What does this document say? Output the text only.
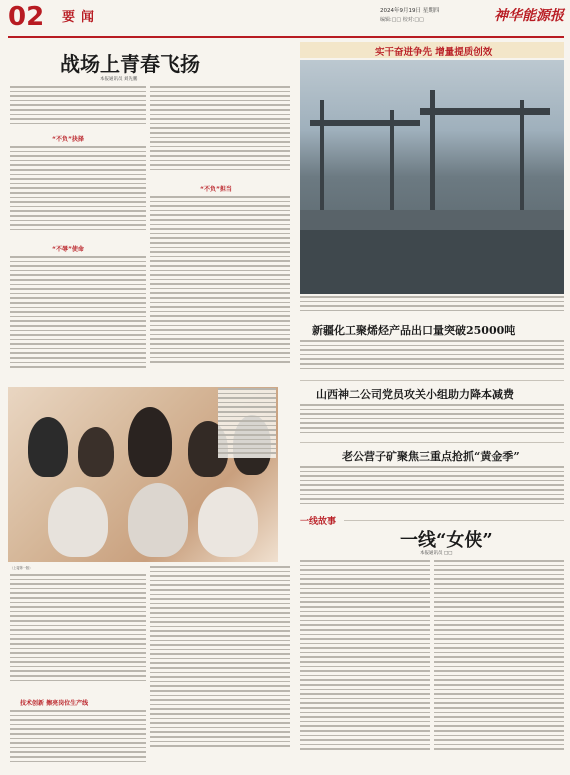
02 要闻	2024年9月19日 星期四
编辑:□□ 校对:□□	神华能源报
战场上青春飞扬
本报通讯员 刘先鹏
“不负”抉择
“不辱”使命
“不负”担当
实干奋进争先 增量提质创效
新疆化工聚烯烃产品出口量突破25000吨
山西神二公司党员攻关小组助力降本减费
老公营子矿聚焦三重点抢抓“黄金季”
一线故事
一线“女侠”
本报通讯员 □□
（上接第一版）
技术创新 擦亮岗位生产线
